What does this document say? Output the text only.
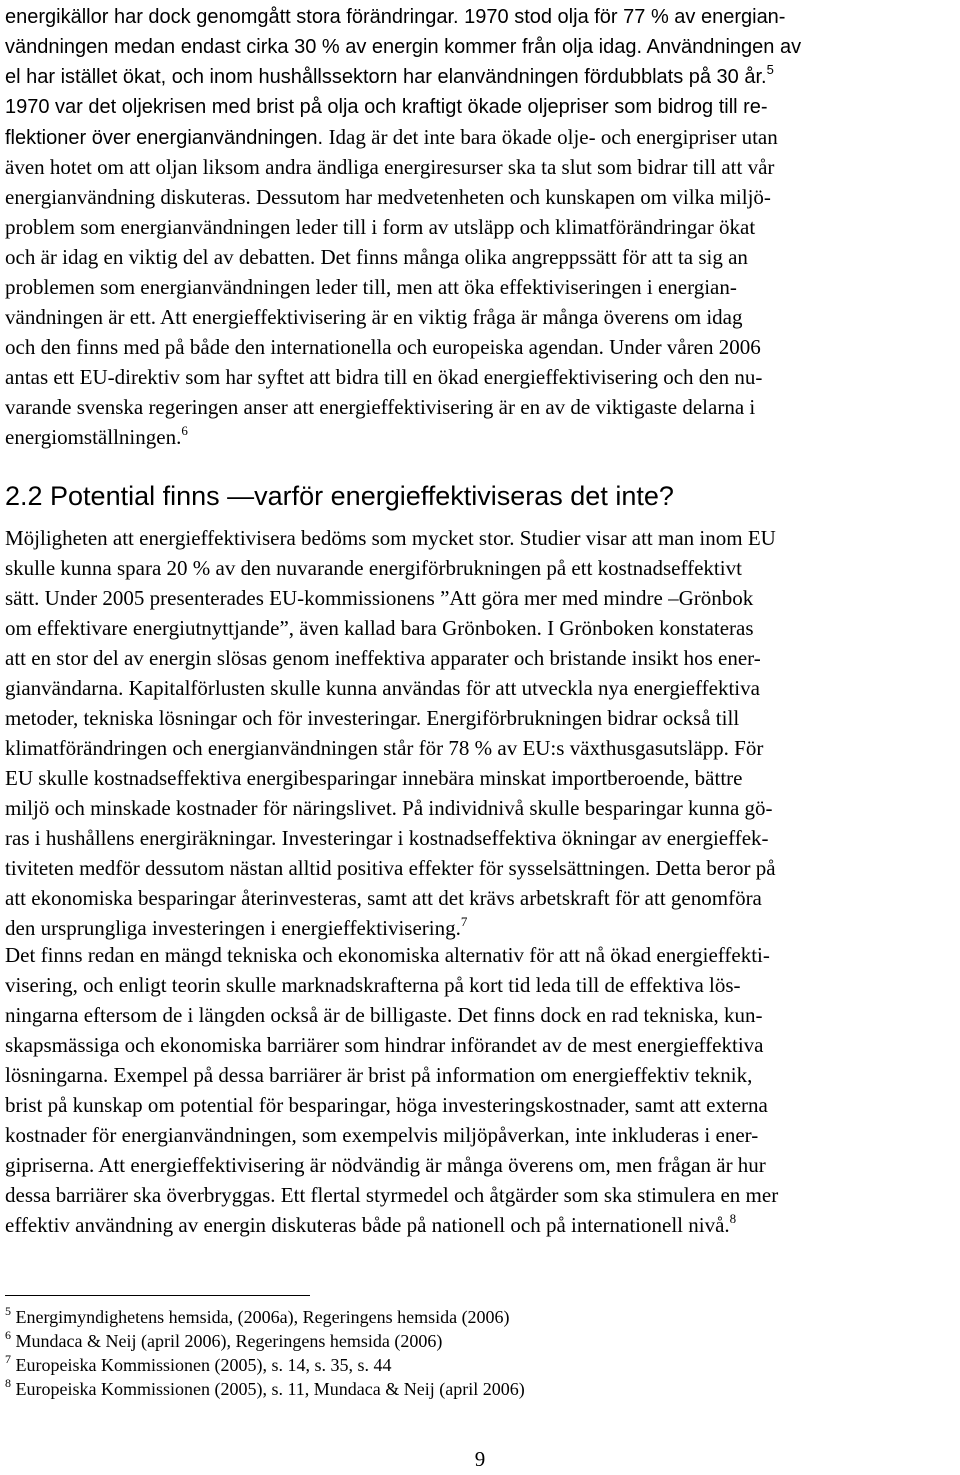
energikällor har dock genomgått stora förändringar. 1970 stod olja för 77 % av energian-
vändningen medan endast cirka 30 % av energin kommer från olja idag. Användningen av
el har istället ökat, och inom hushållssektorn har elanvändningen fördubblats på 30 år.$^5$
1970 var det oljekrisen med brist på olja och kraftigt ökade oljepriser som bidrog till re-
flektioner över energianvändningen. Idag är det inte bara ökade olje- och energipriser utan
även hotet om att oljan liksom andra ändliga energiresurser ska ta slut som bidrar till att vår
energianvändning diskuteras. Dessutom har medvetenheten och kunskapen om vilka miljö-
problem som energianvändningen leder till i form av utsläpp och klimatförändringar ökat
och är idag en viktig del av debatten. Det finns många olika angreppssätt för att ta sig an
problemen som energianvändningen leder till, men att öka effektiviseringen i energian-
vändningen är ett. Att energieffektivisering är en viktig fråga är många överens om idag
och den finns med på både den internationella och europeiska agendan. Under våren 2006
antas ett EU-direktiv som har syftet att bidra till en ökad energieffektivisering och den nu-
varande svenska regeringen anser att energieffektivisering är en av de viktigaste delarna i
energiomställningen.$^6$
2.2 Potential finns —varför energieffektiviseras det inte?
Möjligheten att energieffektivisera bedöms som mycket stor. Studier visar att man inom EU
skulle kunna spara 20 % av den nuvarande energiförbrukningen på ett kostnadseffektivt
sätt. Under 2005 presenterades EU-kommissionens ”Att göra mer med mindre –Grönbok
om effektivare energiutnyttjande”, även kallad bara Grönboken. I Grönboken konstateras
att en stor del av energin slösas genom ineffektiva apparater och bristande insikt hos ener-
gianvändarna. Kapitalförlusten skulle kunna användas för att utveckla nya energieffektiva
metoder, tekniska lösningar och för investeringar. Energiförbrukningen bidrar också till
klimatförändringen och energianvändningen står för 78 % av EU:s växthusgasutsläpp. För
EU skulle kostnadseffektiva energibesparingar innebära minskat importberoende, bättre
miljö och minskade kostnader för näringslivet. På individnivå skulle besparingar kunna gö-
ras i hushållens energiräkningar. Investeringar i kostnadseffektiva ökningar av energieffek-
tiviteten medför dessutom nästan alltid positiva effekter för sysselsättningen. Detta beror på
att ekonomiska besparingar återinvesteras, samt att det krävs arbetskraft för att genomföra
den ursprungliga investeringen i energieffektivisering.$^7$
Det finns redan en mängd tekniska och ekonomiska alternativ för att nå ökad energieffekti-
visering, och enligt teorin skulle marknadskrafterna på kort tid leda till de effektiva lös-
ningarna eftersom de i längden också är de billigaste. Det finns dock en rad tekniska, kun-
skapsmässiga och ekonomiska barriärer som hindrar införandet av de mest energieffektiva
lösningarna. Exempel på dessa barriärer är brist på information om energieffektiv teknik,
brist på kunskap om potential för besparingar, höga investeringskostnader, samt att externa
kostnader för energianvändningen, som exempelvis miljöpåverkan, inte inkluderas i ener-
gipriserna. Att energieffektivisering är nödvändig är många överens om, men frågan är hur
dessa barriärer ska överbryggas. Ett flertal styrmedel och åtgärder som ska stimulera en mer
effektiv användning av energin diskuteras både på nationell och på internationell nivå.$^8$
$^5$ Energimyndighetens hemsida, (2006a), Regeringens hemsida (2006)
$^6$ Mundaca & Neij (april 2006), Regeringens hemsida (2006)
$^7$ Europeiska Kommissionen (2005), s. 14, s. 35, s. 44
$^8$ Europeiska Kommissionen (2005), s. 11, Mundaca & Neij (april 2006)
9
